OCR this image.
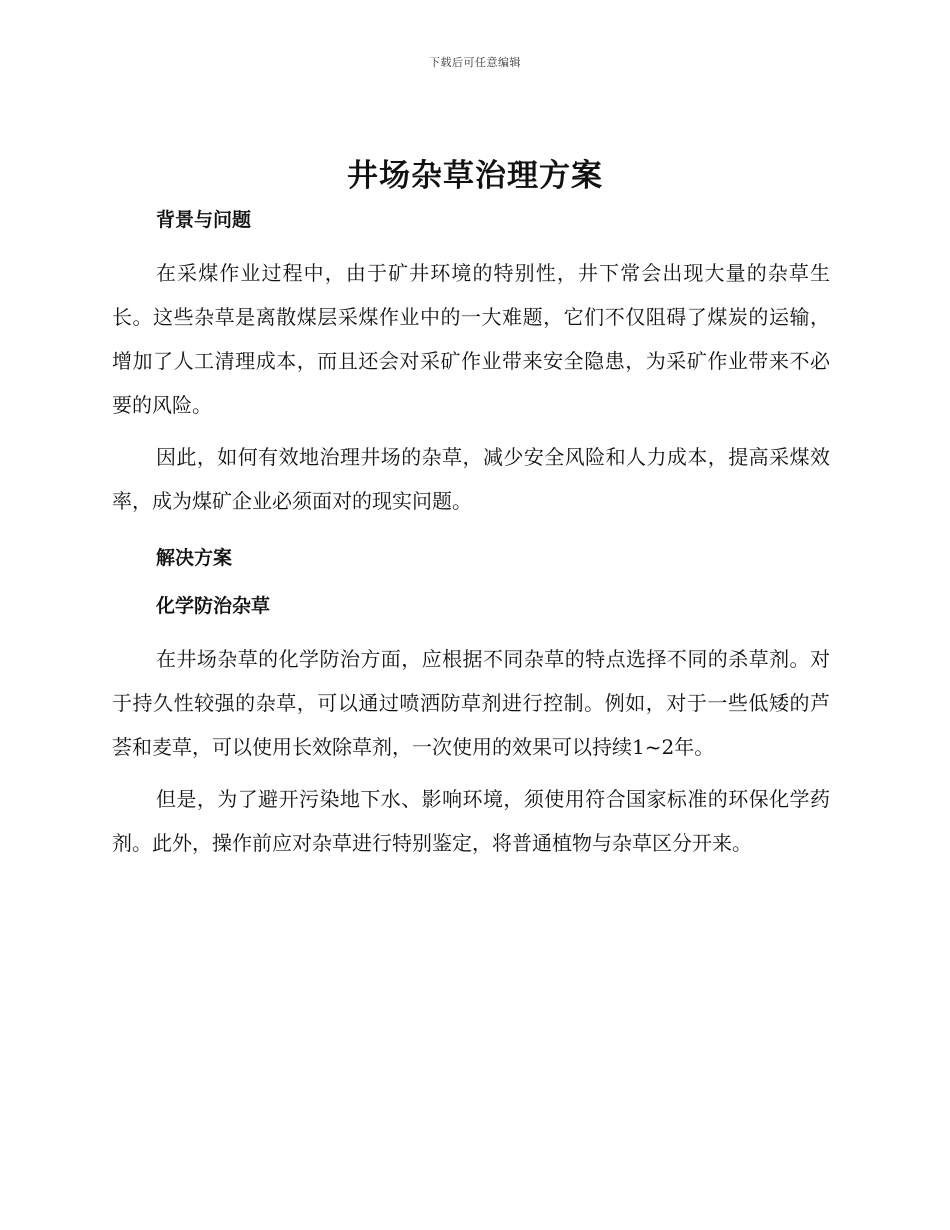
下载后可任意编辑
井场杂草治理方案
背景与问题

在采煤作业过程中，由于矿井环境的特别性，井下常会出现大量的杂草生长。这些杂草是离散煤层采煤作业中的一大难题，它们不仅阻碍了煤炭的运输，增加了人工清理成本，而且还会对采矿作业带来安全隐患，为采矿作业带来不必要的风险。

因此，如何有效地治理井场的杂草，减少安全风险和人力成本，提高采煤效率，成为煤矿企业必须面对的现实问题。

解决方案
化学防治杂草

在井场杂草的化学防治方面，应根据不同杂草的特点选择不同的杀草剂。对于持久性较强的杂草，可以通过喷洒防草剂进行控制。例如，对于一些低矮的芦荟和麦草，可以使用长效除草剂，一次使用的效果可以持续1~2年。

但是，为了避开污染地下水、影响环境，须使用符合国家标准的环保化学药剂。此外，操作前应对杂草进行特别鉴定，将普通植物与杂草区分开来。
